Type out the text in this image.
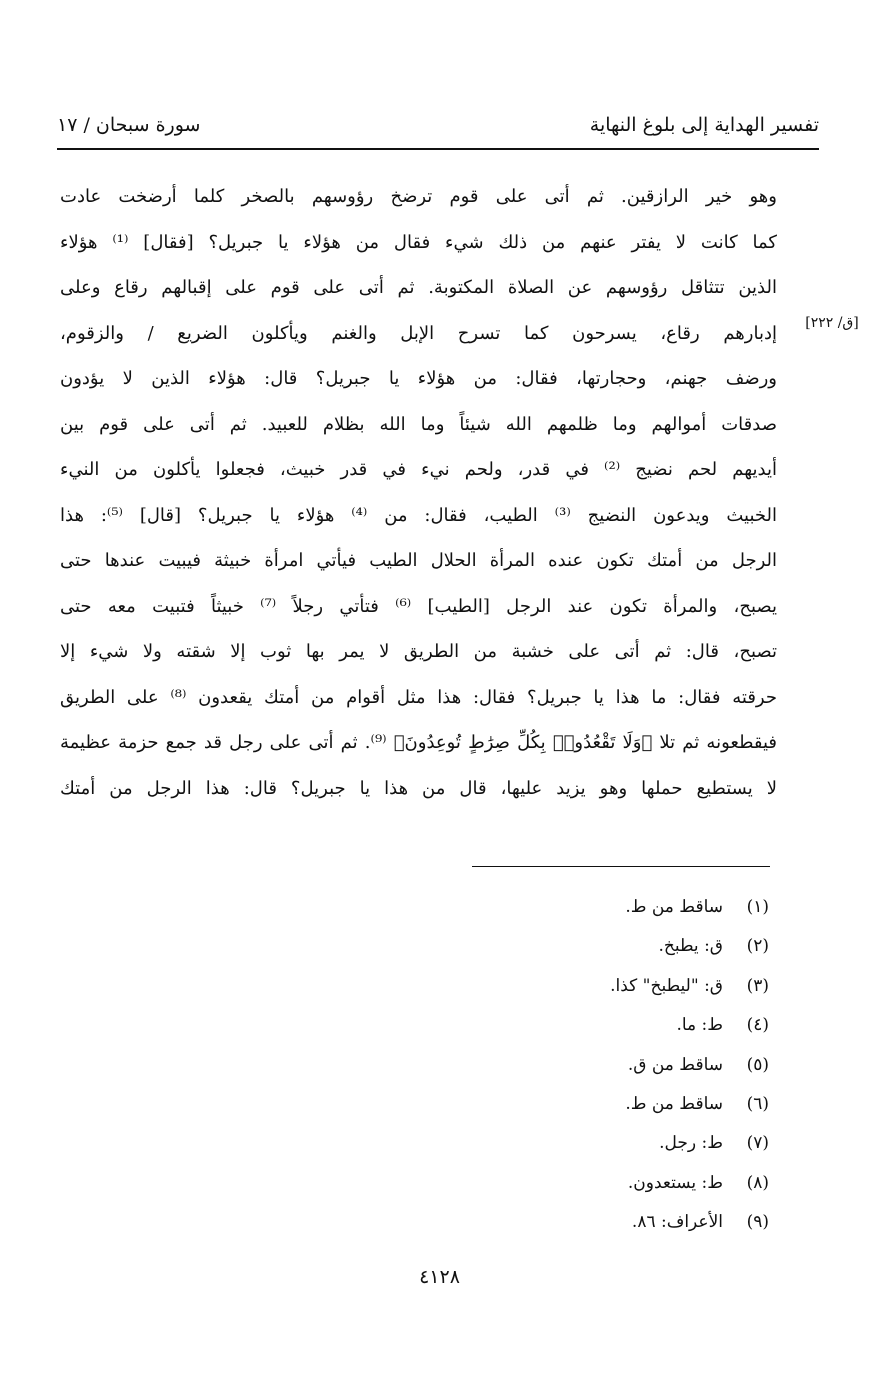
تفسير الهداية إلى بلوغ النهاية
سورة سبحان / ١٧
[ق/ ٢٢٢]
وهو خير الرازقين. ثم أتى على قوم ترضخ رؤوسهم بالصخر كلما أرضخت عادت
كما كانت لا يفتر عنهم من ذلك شيء فقال من هؤلاء يا جبريل؟ [فقال] ⁽¹⁾ هؤلاء
الذين تتثاقل رؤوسهم عن الصلاة المكتوبة. ثم أتى على قوم على إقبالهم رقاع وعلى
إدبارهم رقاع، يسرحون كما تسرح الإبل والغنم ويأكلون الضريع / والزقوم،
ورضف جهنم، وحجارتها، فقال: من هؤلاء يا جبريل؟ قال: هؤلاء الذين لا يؤدون
صدقات أموالهم وما ظلمهم الله شيئاً وما الله بظلام للعبيد. ثم أتى على قوم بين
أيديهم لحم نضيج ⁽²⁾ في قدر، ولحم نيء في قدر خبيث، فجعلوا يأكلون من النيء
الخبيث ويدعون النضيج ⁽³⁾ الطيب، فقال: من ⁽⁴⁾ هؤلاء يا جبريل؟ [قال] ⁽⁵⁾: هذا
الرجل من أمتك تكون عنده المرأة الحلال الطيب فيأتي امرأة خبيثة فيبيت عندها حتى
يصبح، والمرأة تكون عند الرجل [الطيب] ⁽⁶⁾ فتأتي رجلاً ⁽⁷⁾ خبيثاً فتبيت معه حتى
تصبح، قال: ثم أتى على خشبة من الطريق لا يمر بها ثوب إلا شقته ولا شيء إلا
حرقته فقال: ما هذا يا جبريل؟ فقال: هذا مثل أقوام من أمتك يقعدون ⁽⁸⁾ على الطريق
فيقطعونه ثم تلا ﴿وَلَا تَقْعُدُوا۟ بِكُلِّ صِرَٰطٍ تُوعِدُونَ﴾ ⁽⁹⁾. ثم أتى على رجل قد جمع حزمة عظيمة
لا يستطيع حملها وهو يزيد عليها، قال من هذا يا جبريل؟ قال: هذا الرجل من أمتك
(١)ساقط من ط.
(٢)ق: يطبخ.
(٣)ق: "ليطبخ" كذا.
(٤)ط: ما.
(٥)ساقط من ق.
(٦)ساقط من ط.
(٧)ط: رجل.
(٨)ط: يستعدون.
(٩)الأعراف: ٨٦.
٤١٢٨
